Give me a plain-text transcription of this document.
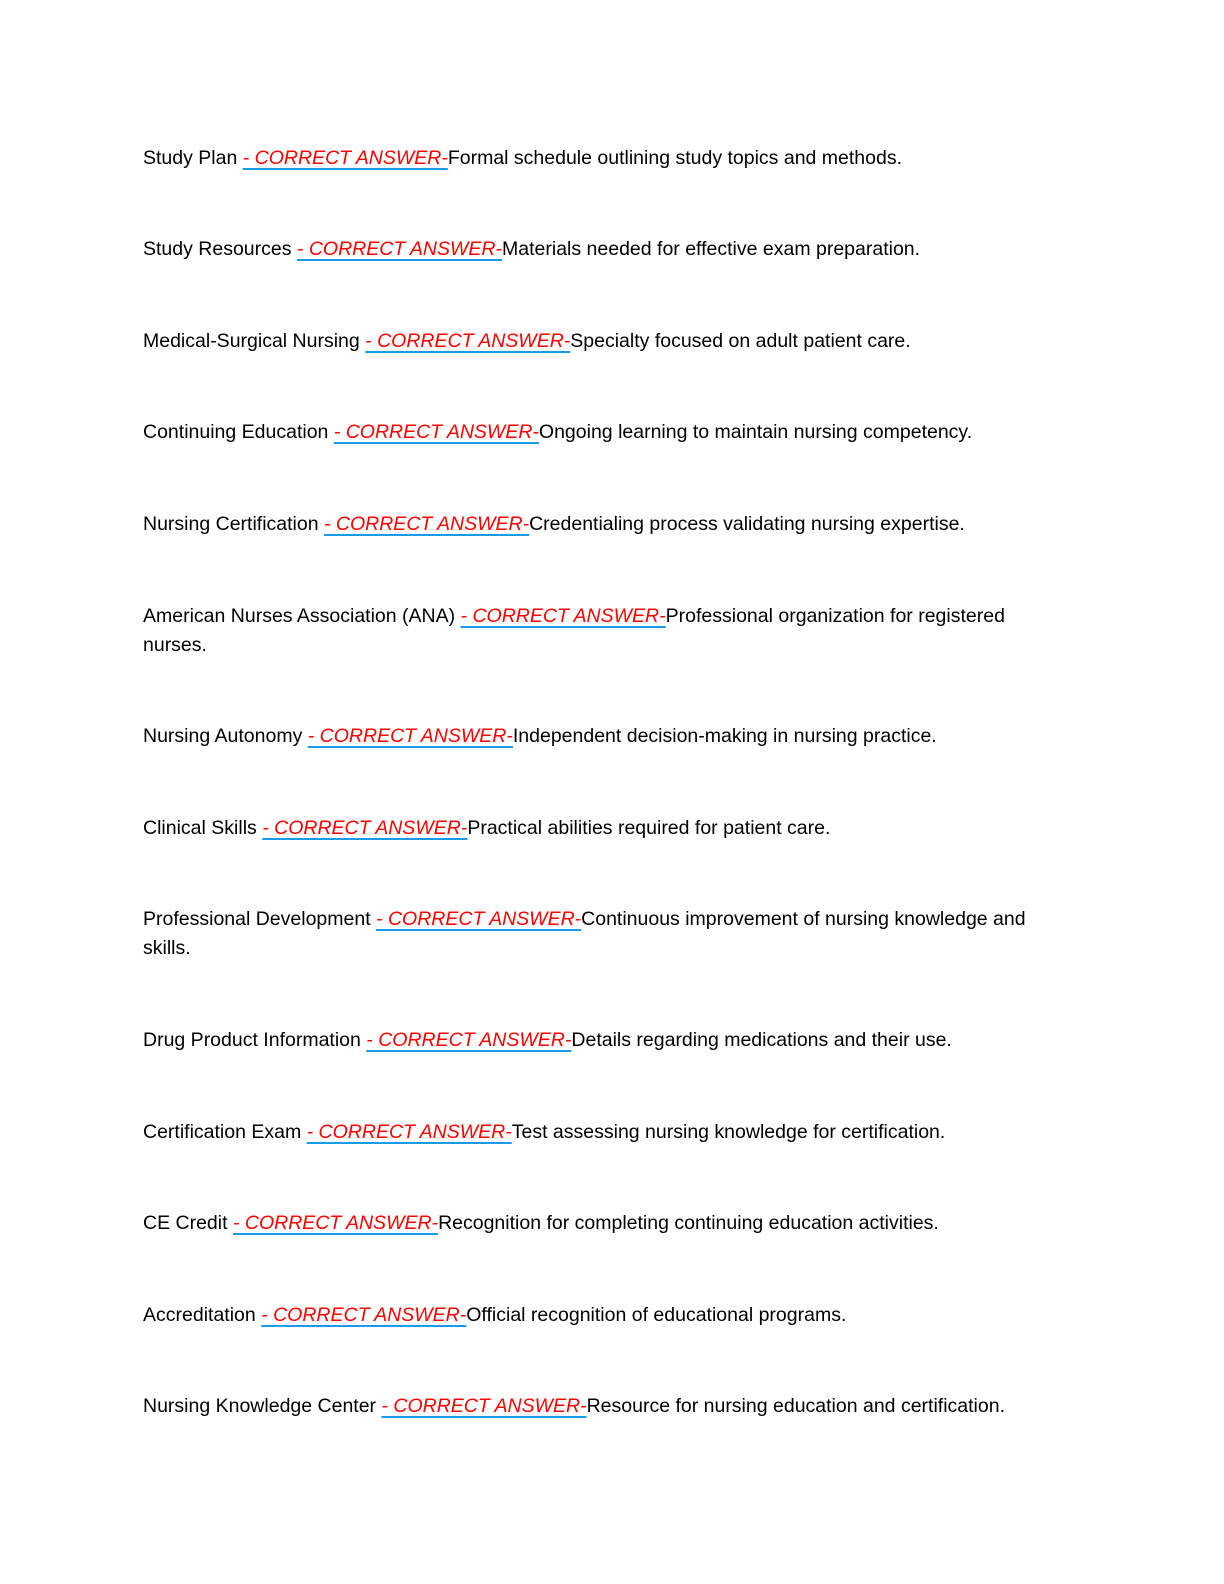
Study Plan - CORRECT ANSWER-Formal schedule outlining study topics and methods.

Study Resources - CORRECT ANSWER-Materials needed for effective exam preparation.

Medical-Surgical Nursing - CORRECT ANSWER-Specialty focused on adult patient care.

Continuing Education - CORRECT ANSWER-Ongoing learning to maintain nursing competency.

Nursing Certification - CORRECT ANSWER-Credentialing process validating nursing expertise.

American Nurses Association (ANA) - CORRECT ANSWER-Professional organization for registered nurses.

Nursing Autonomy - CORRECT ANSWER-Independent decision-making in nursing practice.

Clinical Skills - CORRECT ANSWER-Practical abilities required for patient care.

Professional Development - CORRECT ANSWER-Continuous improvement of nursing knowledge and skills.

Drug Product Information - CORRECT ANSWER-Details regarding medications and their use.

Certification Exam - CORRECT ANSWER-Test assessing nursing knowledge for certification.

CE Credit - CORRECT ANSWER-Recognition for completing continuing education activities.

Accreditation - CORRECT ANSWER-Official recognition of educational programs.

Nursing Knowledge Center - CORRECT ANSWER-Resource for nursing education and certification.
